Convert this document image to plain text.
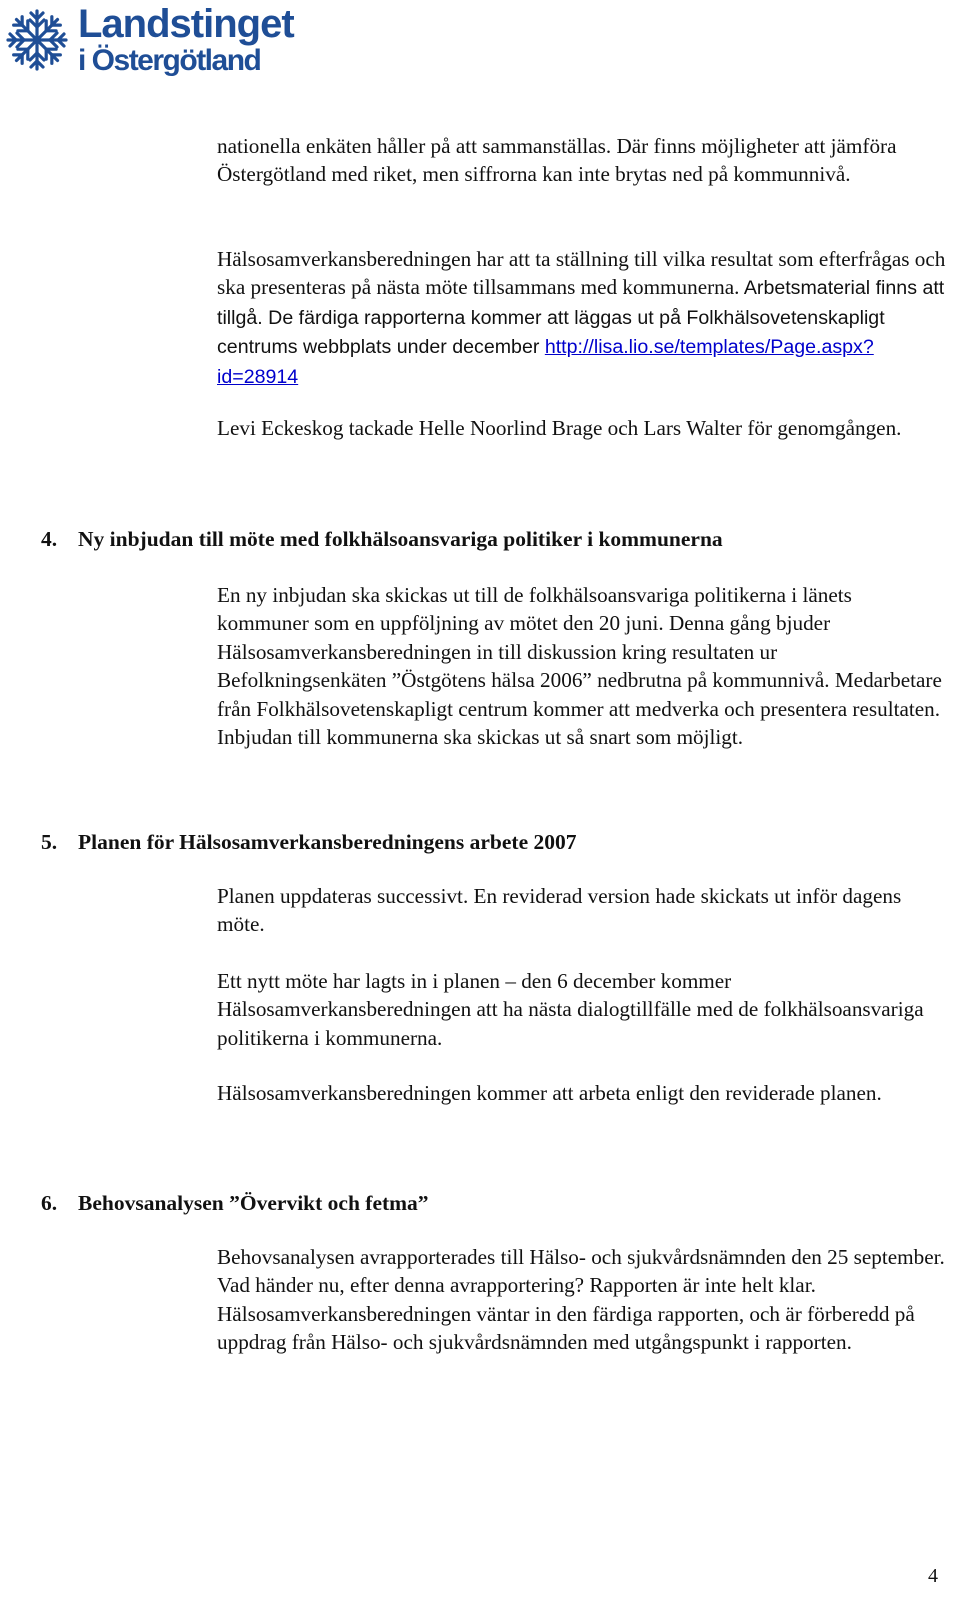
Landstinget
i Östergötland

nationella enkäten håller på att sammanställas. Där finns möjligheter att jämföra Östergötland med riket, men siffrorna kan inte brytas ned på kommunnivå.

Hälsosamverkansberedningen har att ta ställning till vilka resultat som efterfrågas och ska presenteras på nästa möte tillsammans med kommunerna. Arbetsmaterial finns att tillgå. De färdiga rapporterna kommer att läggas ut på Folkhälsovetenskapligt centrums webbplats under december http://lisa.lio.se/templates/Page.aspx?id=28914

Levi Eckeskog tackade Helle Noorlind Brage och Lars Walter för genomgången.

4. Ny inbjudan till möte med folkhälsoansvariga politiker i kommunerna

En ny inbjudan ska skickas ut till de folkhälsoansvariga politikerna i länets kommuner som en uppföljning av mötet den 20 juni. Denna gång bjuder Hälsosamverkansberedningen in till diskussion kring resultaten ur Befolkningsenkäten ”Östgötens hälsa 2006” nedbrutna på kommunnivå. Medarbetare från Folkhälsovetenskapligt centrum kommer att medverka och presentera resultaten. Inbjudan till kommunerna ska skickas ut så snart som möjligt.

5. Planen för Hälsosamverkansberedningens arbete 2007

Planen uppdateras successivt. En reviderad version hade skickats ut inför dagens möte.

Ett nytt möte har lagts in i planen – den 6 december kommer Hälsosamverkansberedningen att ha nästa dialogtillfälle med de folkhälsoansvariga politikerna i kommunerna.

Hälsosamverkansberedningen kommer att arbeta enligt den reviderade planen.

6. Behovsanalysen ”Övervikt och fetma”

Behovsanalysen avrapporterades till Hälso- och sjukvårdsnämnden den 25 september. Vad händer nu, efter denna avrapportering? Rapporten är inte helt klar. Hälsosamverkansberedningen väntar in den färdiga rapporten, och är förberedd på uppdrag från Hälso- och sjukvårdsnämnden med utgångspunkt i rapporten.

4
